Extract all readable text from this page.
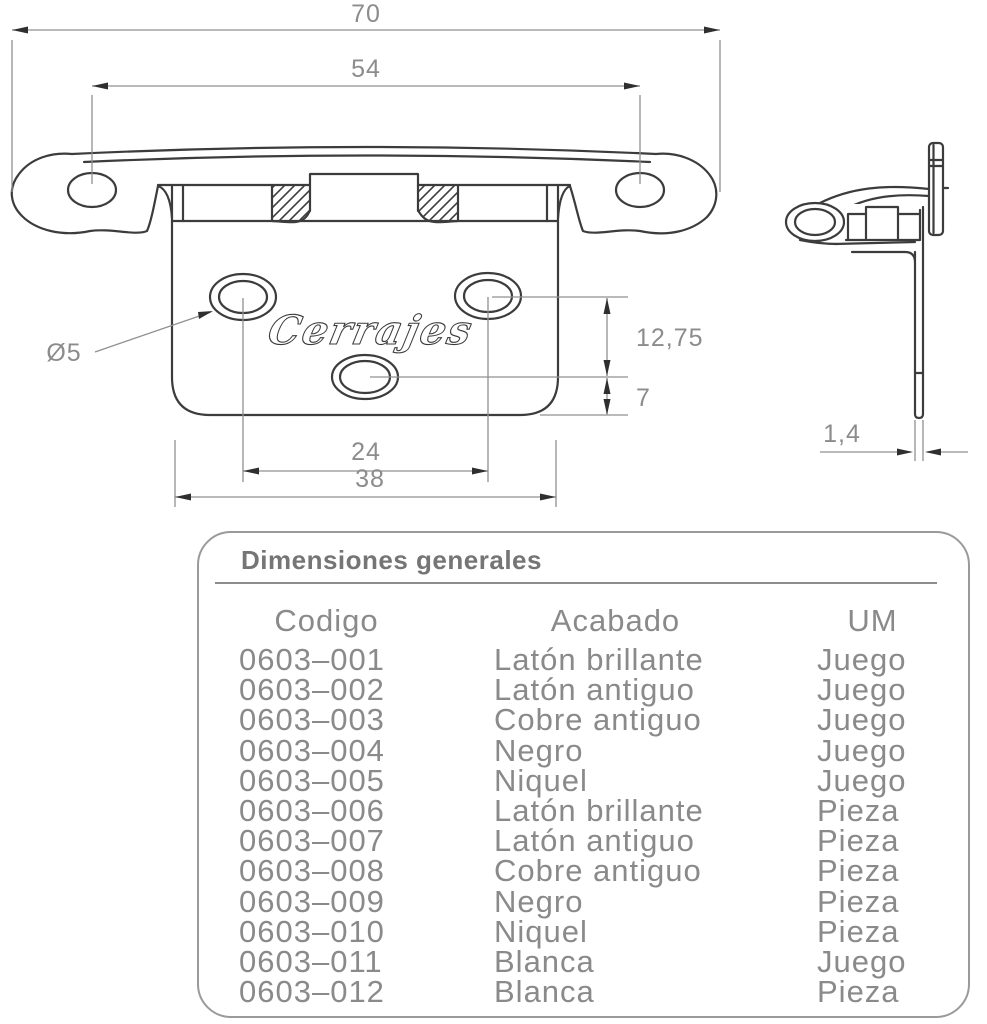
Cerrajes
70
54
Ø5
12,75
7
24
38
1,4
Dimensiones generales
Codigo	Acabado	UM
0603–001	Latón brillante	Juego
0603–002	Latón antiguo	Juego
0603–003	Cobre antiguo	Juego
0603–004	Negro	Juego
0603–005	Niquel	Juego
0603–006	Latón brillante	Pieza
0603–007	Latón antiguo	Pieza
0603–008	Cobre antiguo	Pieza
0603–009	Negro	Pieza
0603–010	Niquel	Pieza
0603–011	Blanca	Juego
0603–012	Blanca	Pieza
